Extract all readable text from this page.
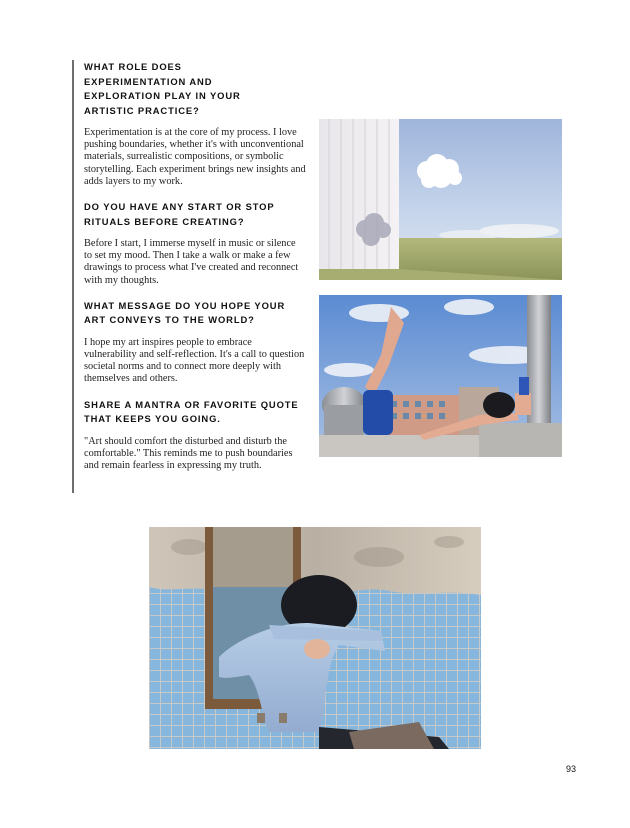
WHAT ROLE DOES EXPERIMENTATION AND EXPLORATION PLAY IN YOUR ARTISTIC PRACTICE?

Experimentation is at the core of my process. I love pushing boundaries, whether it's with unconventional materials, surrealistic compositions, or symbolic storytelling. Each experiment brings new insights and adds layers to my work.

DO YOU HAVE ANY START OR STOP RITUALS BEFORE CREATING?

Before I start, I immerse myself in music or silence to set my mood. Then I take a walk or make a few drawings to process what I've created and reconnect with my thoughts.

WHAT MESSAGE DO YOU HOPE YOUR ART CONVEYS TO THE WORLD?

I hope my art inspires people to embrace vulnerability and self-reflection. It's a call to question societal norms and to connect more deeply with themselves and others.

SHARE A MANTRA OR FAVORITE QUOTE THAT KEEPS YOU GOING.

"Art should comfort the disturbed and disturb the comfortable." This reminds me to push boundaries and remain fearless in expressing my truth.

93
